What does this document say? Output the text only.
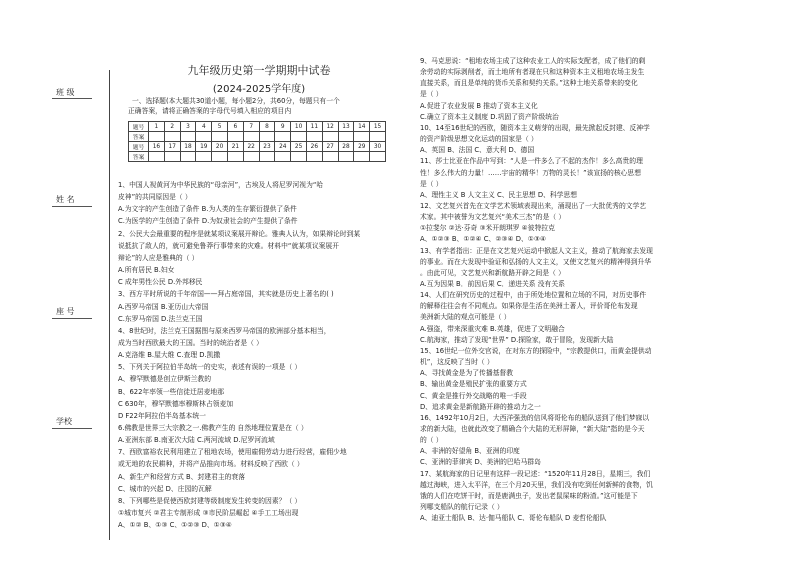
班 级
姓 名
座 号
学校
九年级历史第一学期期中试卷
(2024-2025学年度)
一、选择题(本大题共30道小题，每小题2分，共60分，每题只有一个
正确答案，请将正确答案的字母代号填入相应的项目内
题号	1	2	3	4	5	6	7	8	9	10	11	12	13	14	15
答案															
题号	16	17	18	19	20	21	22	23	24	25	26	27	28	29	30
答案															
1、中国人视黄河为中华民族的“母亲河”，古埃及人将尼罗河视为“哈
皮神”的共同原因是（ ）
A.为文字的产生创造了条件 B.为人类的生存繁衍提供了条件
C.为医学的产生创造了条件 D.为奴隶社会的产生提供了条件
2、公民大会最重要的程序是就某项议案展开辩论。雅典人认为，如果辩论时到某
说抵抗了敌人的，就可避免鲁莽行事带来的灾难。材料中“就某项议案展开
辩论”的人应是雅典的（ ）
A.所有居民 B.妇女
C 成年男性公民 D.外邦移民
3、西方平时所说的千年帝国——拜占庭帝国，其实就是历史上著名的( )
A.西罗马帝国 B.亚历山大帝国
C.东罗马帝国 D.法兰克王国
4、8世纪时，法兰克王国据图与原来西罗马帝国的欧洲部分基本相当，
成为当时西欧最大的王国。当时的统治者是（ ）
A.克洛维 B.屋大维 C.查理 D.凯撒
5、下列关于阿拉伯半岛统一的史实，表述有误的一项是（ ）
A、穆罕默德是创立伊斯兰教的
B、622年率领一些信徒迁居麦地那
C 630年，穆罕默德率穆斯林占领麦加
D F22年阿拉伯半岛基本统一
6.佛教是世界三大宗教之一.佛教产生的 自然地理位置是在（ ）
A.亚洲东部 B.南亚次大陆 C.两河流域 D.尼罗河流域
7、西欧富裕农民利用建立了租地农场，使用雇佣劳动力进行经营，雇佣少地
或无地的农民耕种，并将产品推向市场。材料反映了西欧（ ）
A、新生产和经营方式 B、封建君主的衰落
C、城市的兴起 D、庄园的瓦解
8、下列哪些是促使西欧封建等级制度发生转变的因素？（ ）
①城市复兴 ②君主专制形成 ③市民阶层崛起 ④手工工场出现
A、①② B、①③ C、①②③ D、①③④
9、马克思说：“租地农场主成了这种农业工人的实际支配者，成了他们的剩
余劳动的实际剥削者，而土地所有者现在只和这种资本主义租地农场主发生
直接关系，而且是单纯的货币关系和契约关系。”这种土地关系带来的变化
是（ ）
A.促进了农业发展 B 推动了资本主义化
C.确立了资本主义制度 D.巩固了资产阶级统治
10、14至16世纪的西欧，随资本主义萌芽的出现，最先掀起反封建、反神学
的资产阶级思想文化运动的国家是（ ）
A、英国 B、法国 C、意大利 D、德国
11、莎士比亚在作品中写到：“人是一件多么了不起的杰作！多么高贵的理
性！多么伟大的力量！……宇宙的精华！万物的灵长！”该宣扬的核心思想
是（ ）
A、理性主义 B 人文主义 C、民主思想 D、科学思想
12、文艺复兴首先在文学艺术领域表现出来，涌现出了一大批优秀的文学艺
术家。其中被誉为文艺复兴“美术三杰”的是（ ）
①拉斐尔 ②达·芬奇 ③米开朗琪罗 ④彼特拉克
A、①②③ B、①②④ C、②③④ D、①③④
13、有学者指出：正是在文艺复兴运动中掀起人文主义，推动了航海家去发现
的事业。而在大发现中验证和弘扬的人文主义，又使文艺复兴的精神得到升华
。由此可见，文艺复兴和新航路开辟之间是（ ）
A.互为因果 B．前因后果 C．递进关系 没有关系
14、人们在研究历史的过程中，由于所处地位置和立场的不同，对历史事件
的解释往往会有不同观点。如果你是生活在美洲土著人，评价哥伦布发现
美洲新大陆的观点可能是（ ）
A.强盗，带来深重灾难 B.英雄，促进了文明融合
C.航海家，推动了发现“世界” D.探险家，敢于冒险，发现新大陆
15、16世纪一位外交官说，在对东方的探险中，“宗教提供口，而黄金提供动
机”，这反映了当时（ ）
A、寻找黄金是为了传播基督教
B、输出黄金是殖民扩张的重要方式
C、黄金是推行外交战略的唯一手段
D、追求黄金是新航路开辟的推动力之一
16、1492年10月2日，大西洋强劲的信风将哥伦布的船队送到了他们梦寐以
求的新大陆，也就此改变了精确合个大陆的无形屏障，“新大陆”指的是今天
的（ ）
A、非洲的好望角 B、亚洲的印度
C、亚洲的菲律宾 D、美洲的巴哈马群岛
17、某航海家的日记里有这样一段记述：“1520年11月28日，星期三，我们
越过海峡，进入太平洋，在三个月20天里，我们没有吃到任何新鲜的食物，饥
饿的人们在吃饼干时，而是鹿满虫子，发出老鼠屎味的粉渣。”这可能是下
列哪支船队的航行记录（ ）
A、迪亚士船队 B、达·伽马船队 C、哥伦布船队 D 麦哲伦船队
